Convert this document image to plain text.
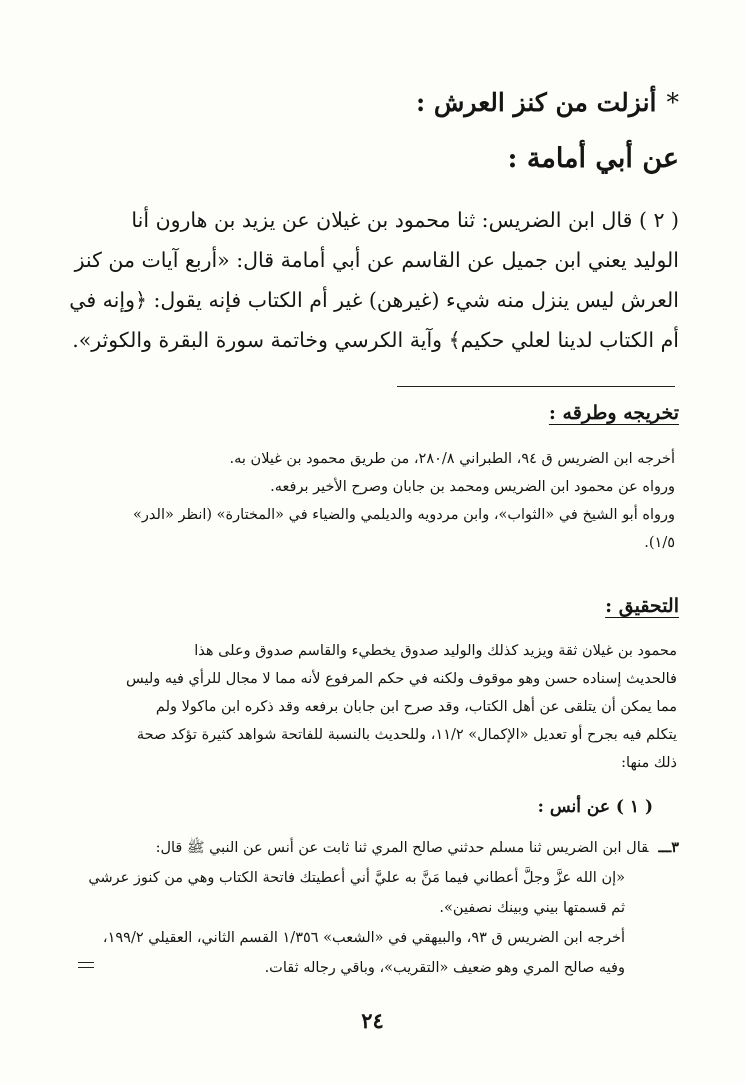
*أنزلت من كنز العرش :
عن أبي أمامة :

( ٢ ) قال ابن الضريس: ثنا محمود بن غيلان عن يزيد بن هارون أنا

الوليد يعني ابن جميل عن القاسم عن أبي أمامة قال: «أربع آيات من كنز

العرش ليس ينزل منه شيء (غيرهن) غير أم الكتاب فإنه يقول: ﴿وإنه في

أم الكتاب لدينا لعلي حكيم﴾ وآية الكرسي وخاتمة سورة البقرة والكوثر».

تخريجه وطرقه :

أخرجه ابن الضريس ق ٩٤، الطبراني ٢٨٠/٨، من طريق محمود بن غيلان به.

ورواه عن محمود ابن الضريس ومحمد بن جابان وصرح الأخير برفعه.

ورواه أبو الشيخ في «الثواب»، وابن مردويه والديلمي والضياء في «المختارة» (انظر «الدر»

١/٥).

التحقيق :

محمود بن غيلان ثقة ويزيد كذلك والوليد صدوق يخطيء والقاسم صدوق وعلى هذا

فالحديث إسناده حسن وهو موقوف ولكنه في حكم المرفوع لأنه مما لا مجال للرأي فيه وليس

مما يمكن أن يتلقى عن أهل الكتاب، وقد صرح ابن جابان برفعه وقد ذكره ابن ماكولا ولم

يتكلم فيه بجرح أو تعديل «الإكمال» ١١/٢، وللحديث بالنسبة للفاتحة شواهد كثيرة تؤكد صحة

ذلك منها:

( ١ ) عن أنس :

٣ـــقال ابن الضريس ثنا مسلم حدثني صالح المري ثنا ثابت عن أنس عن النبي ﷺ قال:

«إن الله عزَّ وجلَّ أعطاني فيما مَنَّ به عليَّ أني أعطيتك فاتحة الكتاب وهي من كنوز عرشي

ثم قسمتها بيني وبينك نصفين».

أخرجه ابن الضريس ق ٩٣، والبيهقي في «الشعب» ١/٣٥٦ القسم الثاني، العقيلي ١٩٩/٢،

وفيه صالح المري وهو ضعيف «التقريب»، وباقي رجاله ثقات.

٢٤
